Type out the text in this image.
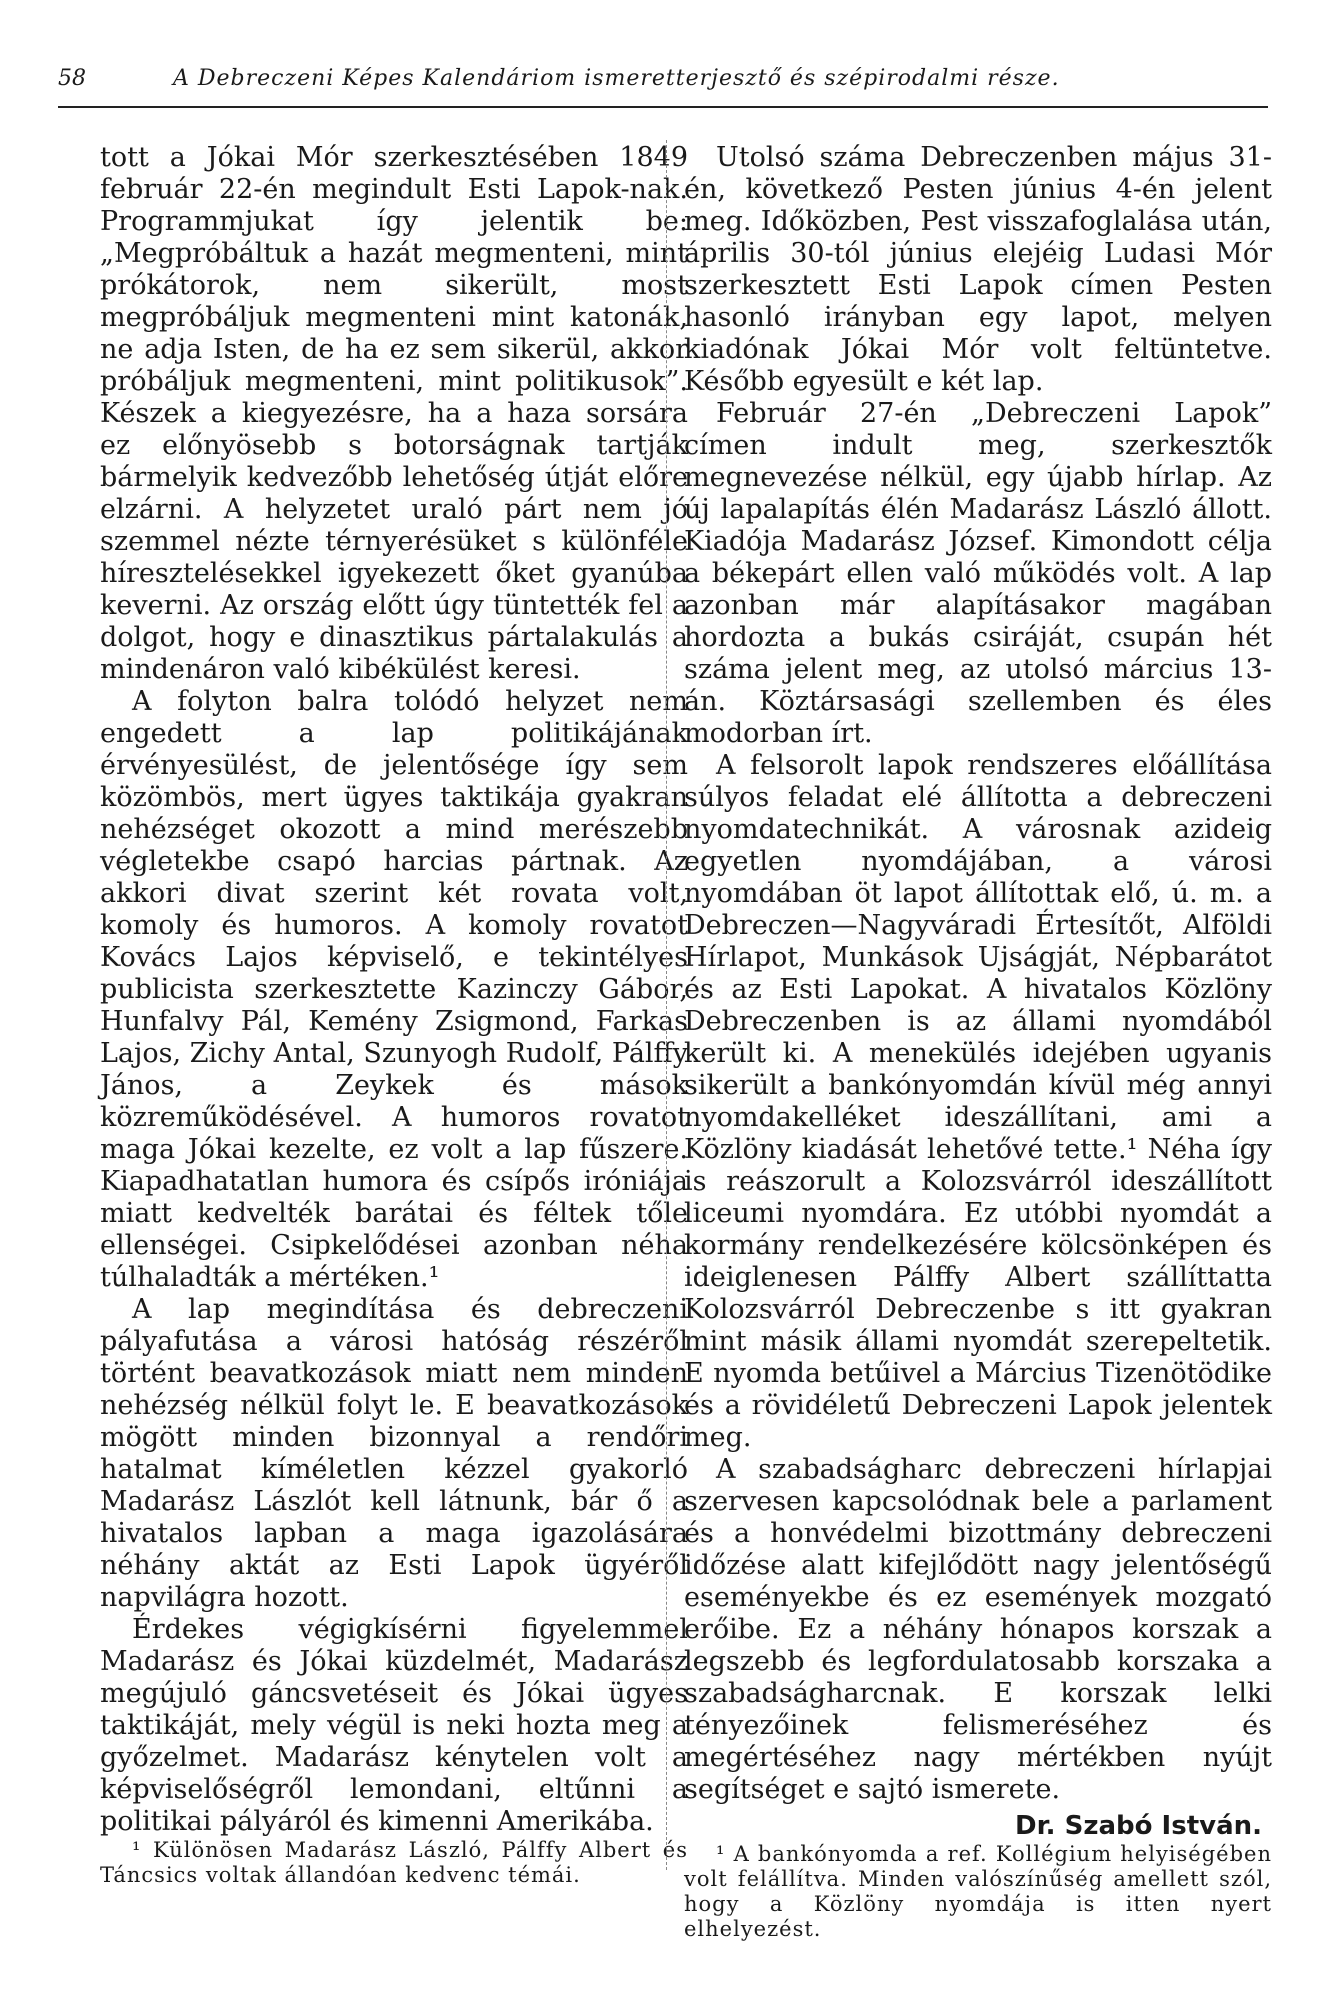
58	A Debreczeni Képes Kalendáriom ismeretterjesztő és szépirodalmi része.

tott a Jókai Mór szerkesztésében 1849 február 22-én megindult Esti Lapok-nak. Programmjukat így jelentik be: „Megpróbáltuk a hazát megmenteni, mint prókátorok, nem sikerült, most megpróbáljuk megmenteni mint katonák, ne adja Isten, de ha ez sem sikerül, akkor próbáljuk megmenteni, mint politikusok”. Készek a kiegyezésre, ha a haza sorsára ez előnyösebb s botorságnak tartják bármelyik kedvezőbb lehetőség útját előre elzárni. A helyzetet uraló párt nem jó szemmel nézte térnyerésüket s különféle híresztelésekkel igyekezett őket gyanúba keverni. Az ország előtt úgy tüntették fel a dolgot, hogy e dinasztikus pártalakulás a mindenáron való kibékülést keresi.

A folyton balra tolódó helyzet nem engedett a lap politikájának érvényesülést, de jelentősége így sem közömbös, mert ügyes taktikája gyakran nehézséget okozott a mind merészebb végletekbe csapó harcias pártnak. Az akkori divat szerint két rovata volt, komoly és humoros. A komoly rovatot Kovács Lajos képviselő, e tekintélyes publicista szerkesztette Kazinczy Gábor, Hunfalvy Pál, Kemény Zsigmond, Farkas Lajos, Zichy Antal, Szunyogh Rudolf, Pálffy János, a Zeykek és mások közreműködésével. A humoros rovatot maga Jókai kezelte, ez volt a lap fűszere. Kiapadhatatlan humora és csípős iróniája miatt kedvelték barátai és féltek tőle ellenségei. Csipkelődései azonban néha túlhaladták a mértéken.¹

A lap megindítása és debreczeni pályafutása a városi hatóság részéről történt beavatkozások miatt nem minden nehézség nélkül folyt le. E beavatkozások mögött minden bizonnyal a rendőri hatalmat kíméletlen kézzel gyakorló Madarász Lászlót kell látnunk, bár ő a hivatalos lapban a maga igazolására néhány aktát az Esti Lapok ügyéről napvilágra hozott.

Érdekes végigkísérni figyelemmel Madarász és Jókai küzdelmét, Madarász megújuló gáncsvetéseit és Jókai ügyes taktikáját, mely végül is neki hozta meg a győzelmet. Madarász kénytelen volt a képviselőségről lemondani, eltűnni a politikai pályáról és kimenni Amerikába.

¹ Különösen Madarász László, Pálffy Albert és Táncsics voltak állandóan kedvenc témái.

Utolsó száma Debreczenben május 31-én, következő Pesten június 4-én jelent meg. Időközben, Pest visszafoglalása után, április 30-tól június elejéig Ludasi Mór szerkesztett Esti Lapok címen Pesten hasonló irányban egy lapot, melyen kiadónak Jókai Mór volt feltüntetve. Később egyesült e két lap.

Február 27-én „Debreczeni Lapok” címen indult meg, szerkesztők megnevezése nélkül, egy újabb hírlap. Az új lapalapítás élén Madarász László állott. Kiadója Madarász József. Kimondott célja a békepárt ellen való működés volt. A lap azonban már alapításakor magában hordozta a bukás csiráját, csupán hét száma jelent meg, az utolsó március 13-án. Köztársasági szellemben és éles modorban írt.

A felsorolt lapok rendszeres előállítása súlyos feladat elé állította a debreczeni nyomdatechnikát. A városnak azideig egyetlen nyomdájában, a városi nyomdában öt lapot állítottak elő, ú. m. a Debreczen—Nagyváradi Értesítőt, Alföldi Hírlapot, Munkások Ujságját, Népbarátot és az Esti Lapokat. A hivatalos Közlöny Debreczenben is az állami nyomdából került ki. A menekülés idejében ugyanis sikerült a bankónyomdán kívül még annyi nyomdakelléket ideszállítani, ami a Közlöny kiadását lehetővé tette.¹ Néha így is reászorult a Kolozsvárról ideszállított liceumi nyomdára. Ez utóbbi nyomdát a kormány rendelkezésére kölcsönképen és ideiglenesen Pálffy Albert szállíttatta Kolozsvárról Debreczenbe s itt gyakran mint másik állami nyomdát szerepeltetik. E nyomda betűivel a Március Tizenötödike és a rövidéletű Debreczeni Lapok jelentek meg.

A szabadságharc debreczeni hírlapjai szervesen kapcsolódnak bele a parlament és a honvédelmi bizottmány debreczeni időzése alatt kifejlődött nagy jelentőségű eseményekbe és ez események mozgató erőibe. Ez a néhány hónapos korszak a legszebb és legfordulatosabb korszaka a szabadságharcnak. E korszak lelki tényezőinek felismeréséhez és megértéséhez nagy mértékben nyújt segítséget e sajtó ismerete.

Dr. Szabó István.

¹ A bankónyomda a ref. Kollégium helyiségében volt felállítva. Minden valószínűség amellett szól, hogy a Közlöny nyomdája is itten nyert elhelyezést.
